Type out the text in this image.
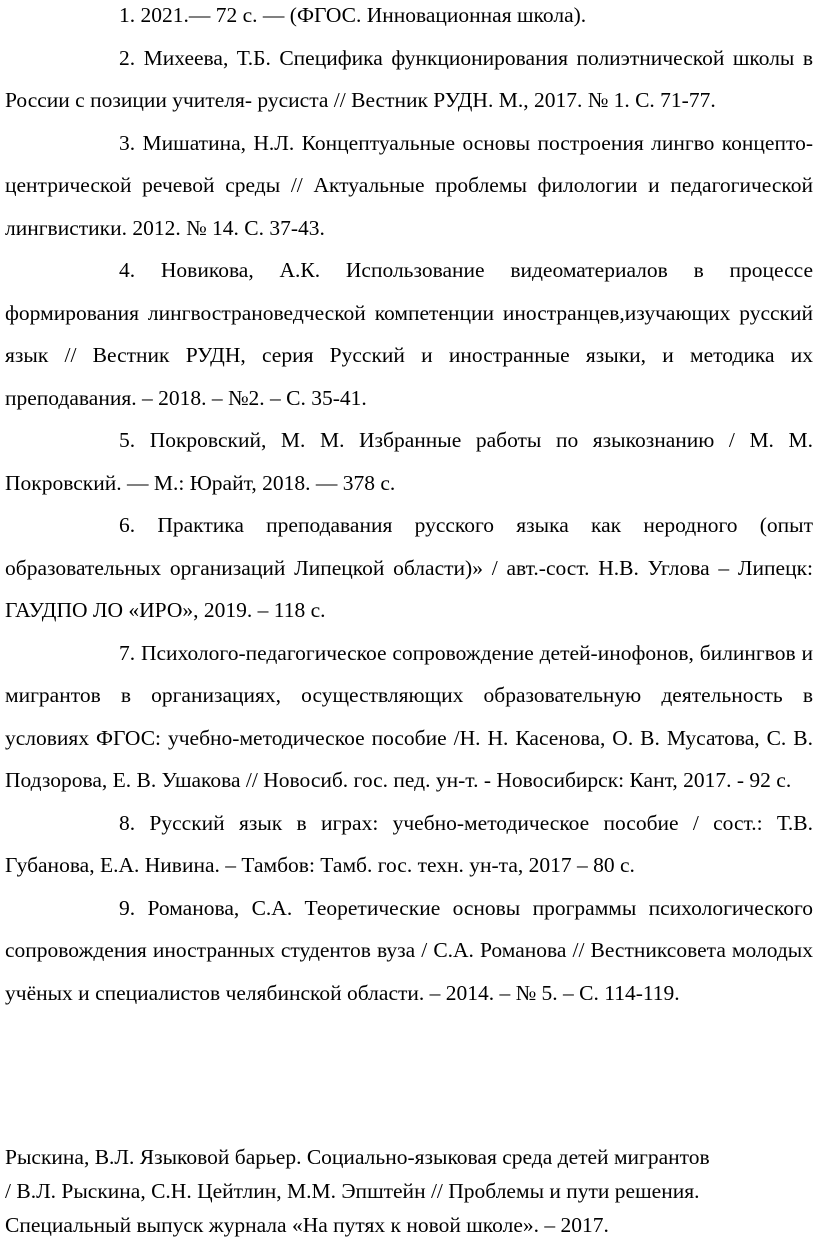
1. 2021.— 72 с. — (ФГОС. Инновационная школа).

2. Михеева, Т.Б. Специфика функционирования полиэтнической школы в России с позиции учителя- русиста // Вестник РУДН. М., 2017. № 1. С. 71-77.

3. Мишатина, Н.Л. Концептуальные основы построения лингво концепто-центрической речевой среды // Актуальные проблемы филологии и педагогической лингвистики. 2012. № 14. С. 37-43.

4. Новикова, А.К. Использование видеоматериалов в процессе формирования лингвострановедческой компетенции иностранцев,изучающих русский язык // Вестник РУДН, серия Русский и иностранные языки, и методика их преподавания. – 2018. – №2. – С. 35-41.

5. Покровский, М. М. Избранные работы по языкознанию / М. М. Покровский. — М.: Юрайт, 2018. — 378 с.

6. Практика преподавания русского языка как неродного (опыт образовательных организаций Липецкой области)» / авт.-сост. Н.В. Углова – Липецк: ГАУДПО ЛО «ИРО», 2019. – 118 с.

7. Психолого-педагогическое сопровождение детей-инофонов, билингвов и мигрантов в организациях, осуществляющих образовательную деятельность в условиях ФГОС: учебно-методическое пособие /Н. Н. Касенова, О. В. Мусатова, С. В. Подзорова, Е. В. Ушакова // Новосиб. гос. пед. ун-т. - Новосибирск: Кант, 2017. - 92 с.

8. Русский язык в играх: учебно-методическое пособие / сост.: Т.В. Губанова, Е.А. Нивина. – Тамбов: Тамб. гос. техн. ун-та, 2017 – 80 с.

9. Романова, С.А. Теоретические основы программы психологического сопровождения иностранных студентов вуза / С.А. Романова // Вестниксовета молодых учёных и специалистов челябинской области. – 2014. – № 5. – С. 114-119.

Рыскина, В.Л. Языковой барьер. Социально-языковая среда детей мигрантов
/ В.Л. Рыскина, С.Н. Цейтлин, М.М. Эпштейн // Проблемы и пути решения.
Специальный выпуск журнала «На путях к новой школе». – 2017.
